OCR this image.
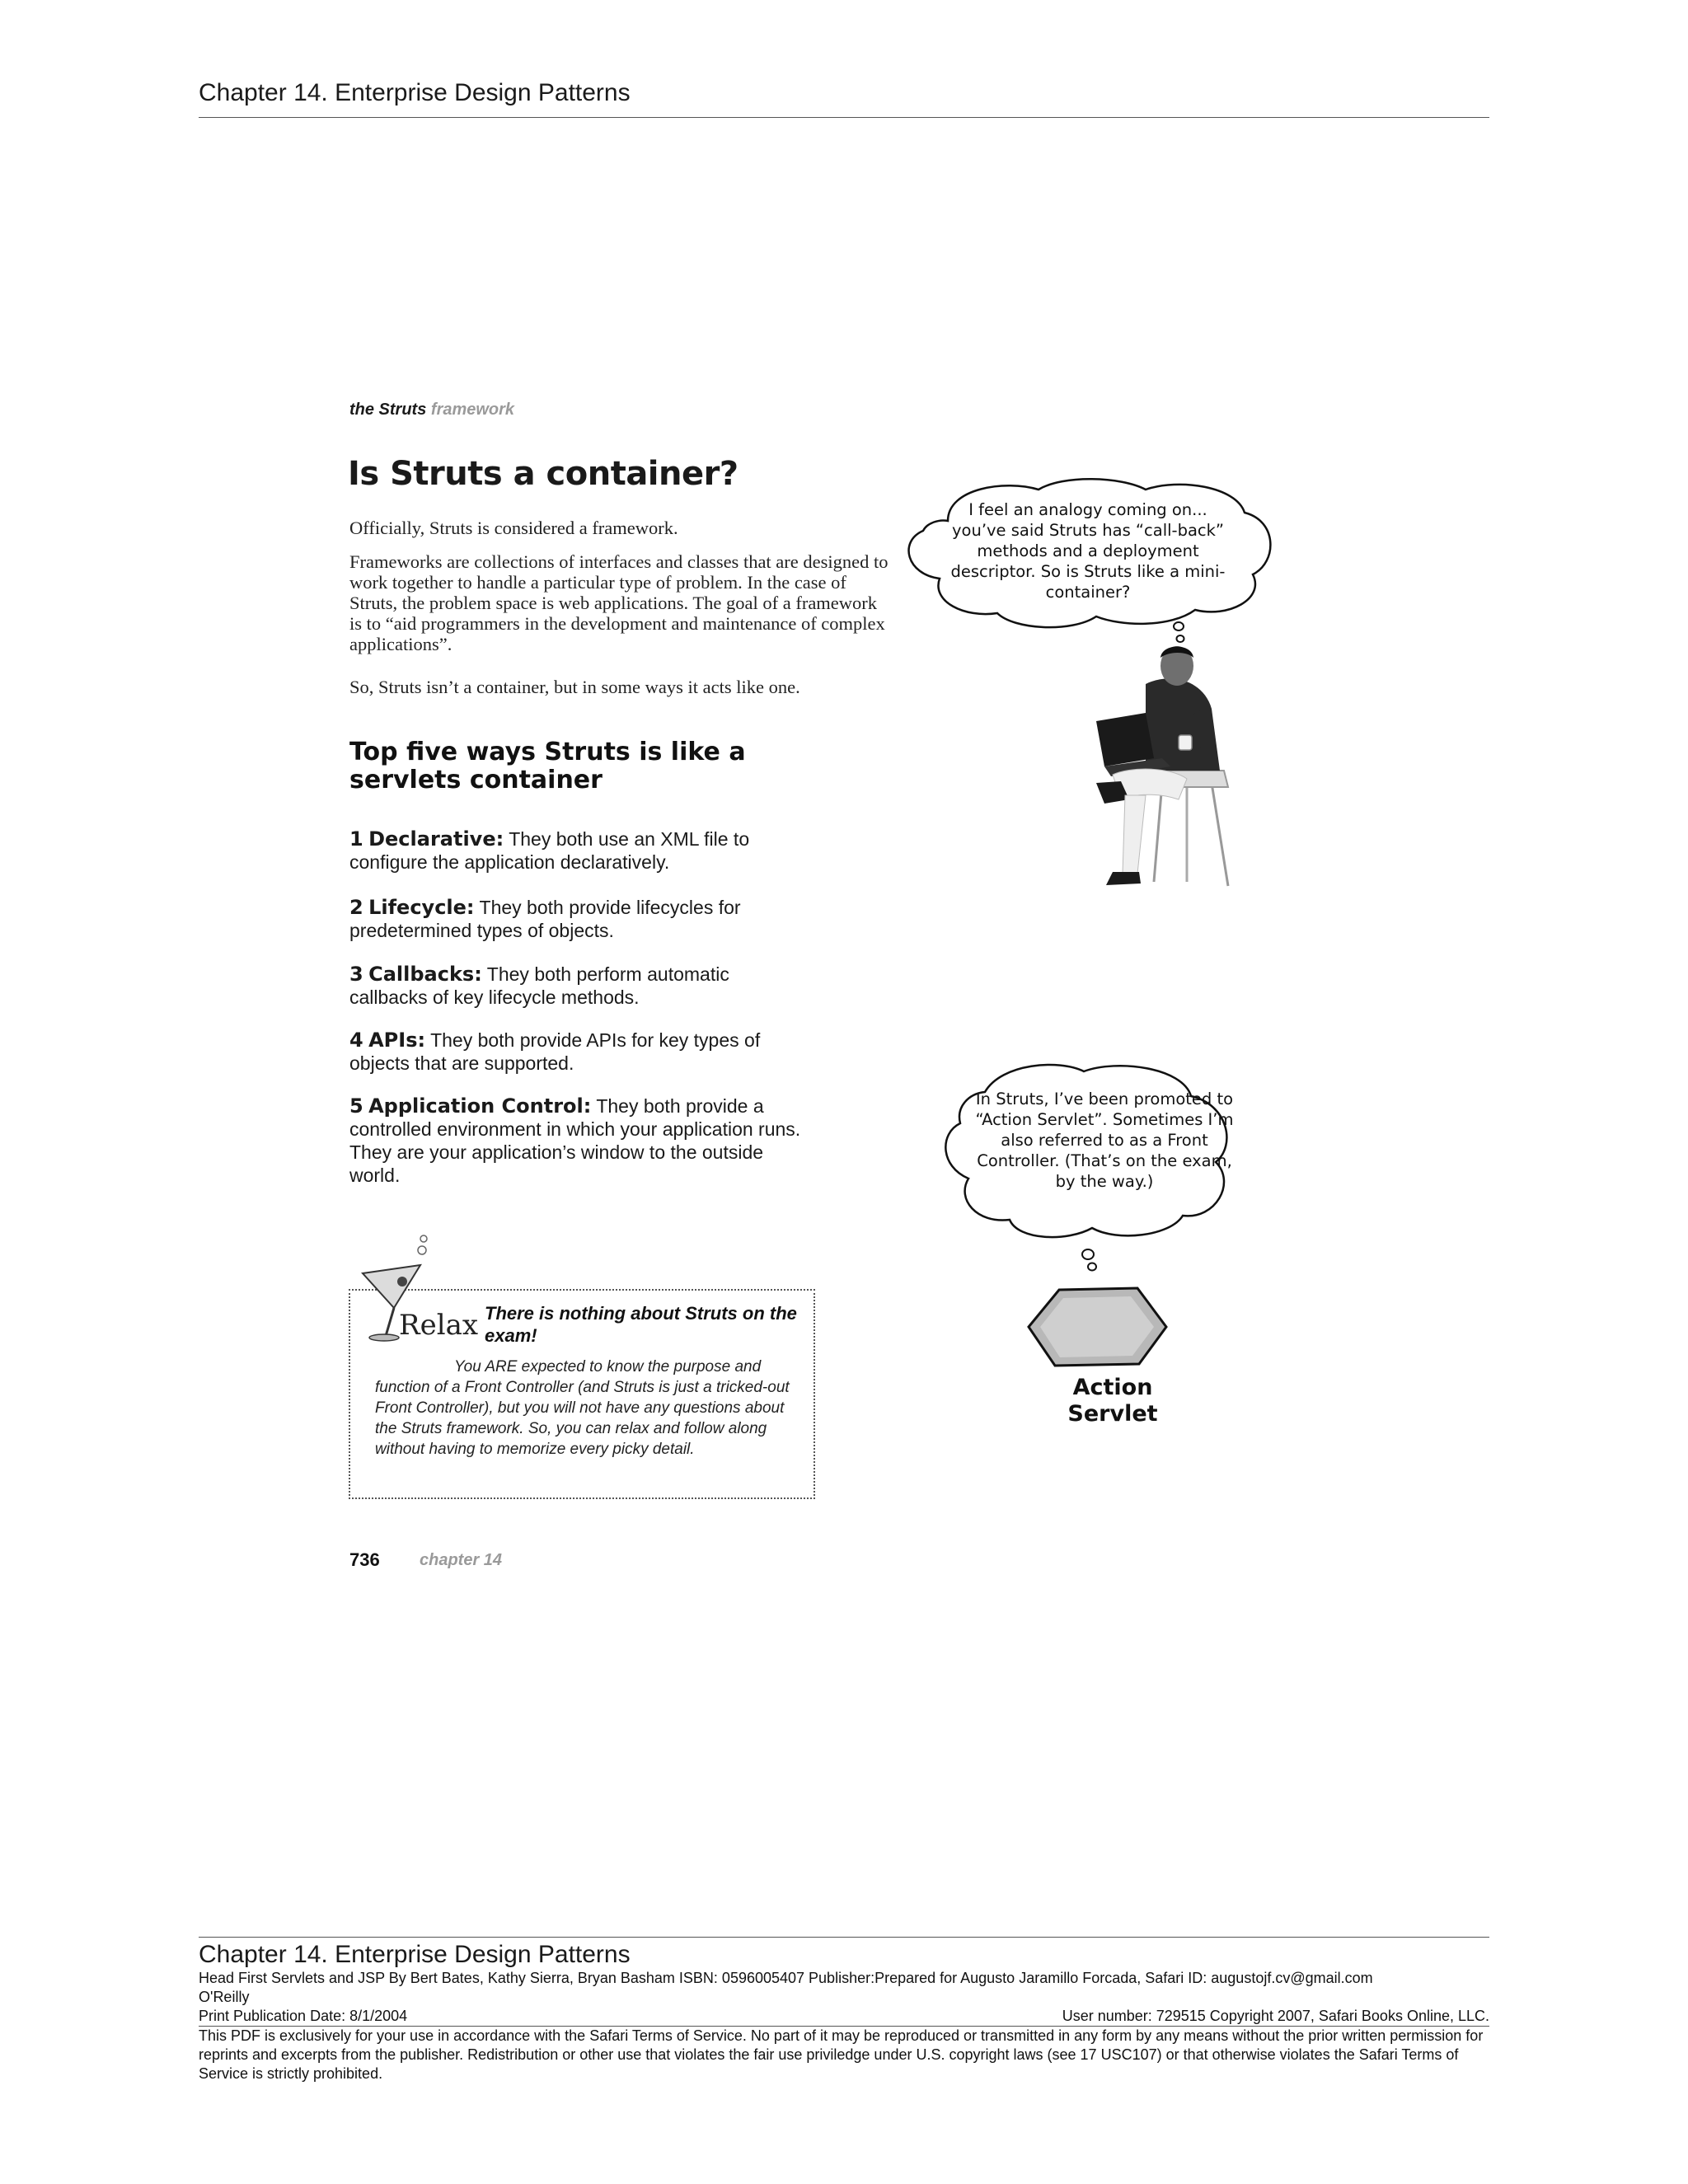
Chapter 14. Enterprise Design Patterns
the Struts framework
Is Struts a container?
Officially, Struts is considered a framework.
Frameworks are collections of interfaces and classes that are designed to work together to handle a particular type of problem. In the case of Struts, the problem space is web applications. The goal of a framework is to “aid programmers in the development and maintenance of complex applications”.
So, Struts isn’t a container, but in some ways it acts like one.
Top five ways Struts is like a servlets container
1 Declarative: They both use an XML file to configure the application declaratively.
2 Lifecycle: They both provide lifecycles for predetermined types of objects.
3 Callbacks: They both perform automatic callbacks of key lifecycle methods.
4 APIs: They both provide APIs for key types of objects that are supported.
5 Application Control: They both provide a controlled environment in which your application runs. They are your application’s window to the outside world.
I feel an analogy coming on... you’ve said Struts has “call-back” methods and a deployment descriptor. So is Struts like a mini-container?
In Struts, I’ve been promoted to “Action Servlet”. Sometimes I’m also referred to as a Front Controller. (That’s on the exam, by the way.)
Action Servlet
Relax There is nothing about Struts on the exam!
You ARE expected to know the purpose and function of a Front Controller (and Struts is just a tricked-out Front Controller), but you will not have any questions about the Struts framework. So, you can relax and follow along without having to memorize every picky detail.
736 chapter 14
Chapter 14. Enterprise Design Patterns
Head First Servlets and JSP By Bert Bates, Kathy Sierra, Bryan Basham ISBN: 0596005407 Publisher:Prepared for Augusto Jaramillo Forcada, Safari ID: augustojf.cv@gmail.com
O'Reilly
Print Publication Date: 8/1/2004	User number: 729515 Copyright 2007, Safari Books Online, LLC.
This PDF is exclusively for your use in accordance with the Safari Terms of Service. No part of it may be reproduced or transmitted in any form by any means without the prior written permission for reprints and excerpts from the publisher. Redistribution or other use that violates the fair use priviledge under U.S. copyright laws (see 17 USC107) or that otherwise violates the Safari Terms of Service is strictly prohibited.
